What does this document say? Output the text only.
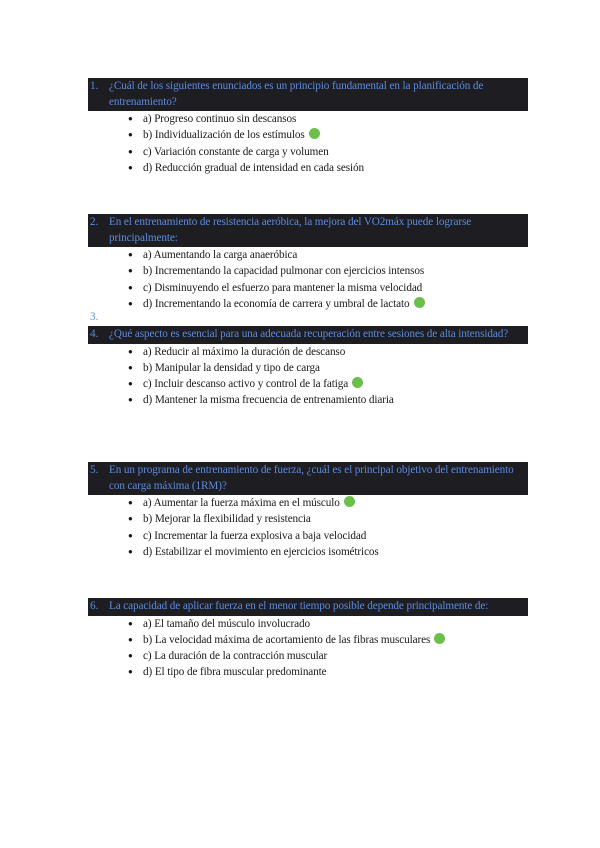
1. ¿Cuál de los siguientes enunciados es un principio fundamental en la planificación de entrenamiento?
● a) Progreso continuo sin descansos
● b) Individualización de los estímulos
● c) Variación constante de carga y volumen
● d) Reducción gradual de intensidad en cada sesión
2. En el entrenamiento de resistencia aeróbica, la mejora del VO2máx puede lograrse principalmente:
● a) Aumentando la carga anaeróbica
● b) Incrementando la capacidad pulmonar con ejercicios intensos
● c) Disminuyendo el esfuerzo para mantener la misma velocidad
● d) Incrementando la economía de carrera y umbral de lactato
3.
4. ¿Qué aspecto es esencial para una adecuada recuperación entre sesiones de alta intensidad?
● a) Reducir al máximo la duración de descanso
● b) Manipular la densidad y tipo de carga
● c) Incluir descanso activo y control de la fatiga
● d) Mantener la misma frecuencia de entrenamiento diaria
5. En un programa de entrenamiento de fuerza, ¿cuál es el principal objetivo del entrenamiento con carga máxima (1RM)?
● a) Aumentar la fuerza máxima en el músculo
● b) Mejorar la flexibilidad y resistencia
● c) Incrementar la fuerza explosiva a baja velocidad
● d) Estabilizar el movimiento en ejercicios isométricos
6. La capacidad de aplicar fuerza en el menor tiempo posible depende principalmente de:
● a) El tamaño del músculo involucrado
● b) La velocidad máxima de acortamiento de las fibras musculares
● c) La duración de la contracción muscular
● d) El tipo de fibra muscular predominante
